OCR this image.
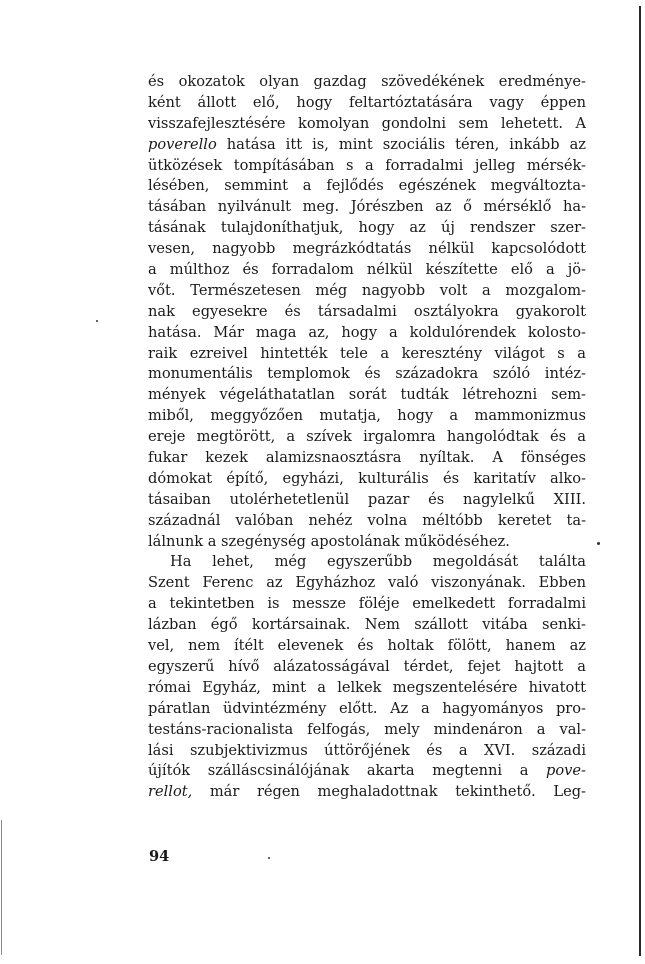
és okozatok olyan gazdag szövedékének eredménye-
ként állott elő, hogy feltartóztatására vagy éppen
visszafejlesztésére komolyan gondolni sem lehetett. A
poverello hatása itt is, mint szociális téren, inkább az
ütközések tompításában s a forradalmi jelleg mérsék-
lésében, semmint a fejlődés egészének megváltozta-
tásában nyilvánult meg. Jórészben az ő mérséklő ha-
tásának tulajdoníthatjuk, hogy az új rendszer szer-
vesen, nagyobb megrázkódtatás nélkül kapcsolódott
a múlthoz és forradalom nélkül készítette elő a jö-
vőt. Természetesen még nagyobb volt a mozgalom-
nak egyesekre és társadalmi osztályokra gyakorolt
hatása. Már maga az, hogy a koldulórendek kolosto-
raik ezreivel hintették tele a keresztény világot s a
monumentális templomok és századokra szóló intéz-
mények végeláthatatlan sorát tudták létrehozni sem-
miből, meggyőzően mutatja, hogy a mammonizmus
ereje megtörött, a szívek irgalomra hangolódtak és a
fukar kezek alamizsnaosztásra nyíltak. A fönséges
dómokat építő, egyházi, kulturális és karitatív alko-
tásaiban utolérhetetlenül pazar és nagylelkű XIII.
századnál valóban nehéz volna méltóbb keretet ta-
lálnunk a szegénység apostolának működéséhez.
Ha lehet, még egyszerűbb megoldását találta
Szent Ferenc az Egyházhoz való viszonyának. Ebben
a tekintetben is messze föléje emelkedett forradalmi
lázban égő kortársainak. Nem szállott vitába senki-
vel, nem ítélt elevenek és holtak fölött, hanem az
egyszerű hívő alázatosságával térdet, fejet hajtott a
római Egyház, mint a lelkek megszentelésére hivatott
páratlan üdvintézmény előtt. Az a hagyományos pro-
testáns-racionalista felfogás, mely mindenáron a val-
lási szubjektivizmus úttörőjének és a XVI. századi
újítók szálláscsinálójának akarta megtenni a pove-
rellot, már régen meghaladottnak tekinthető. Leg-
94
